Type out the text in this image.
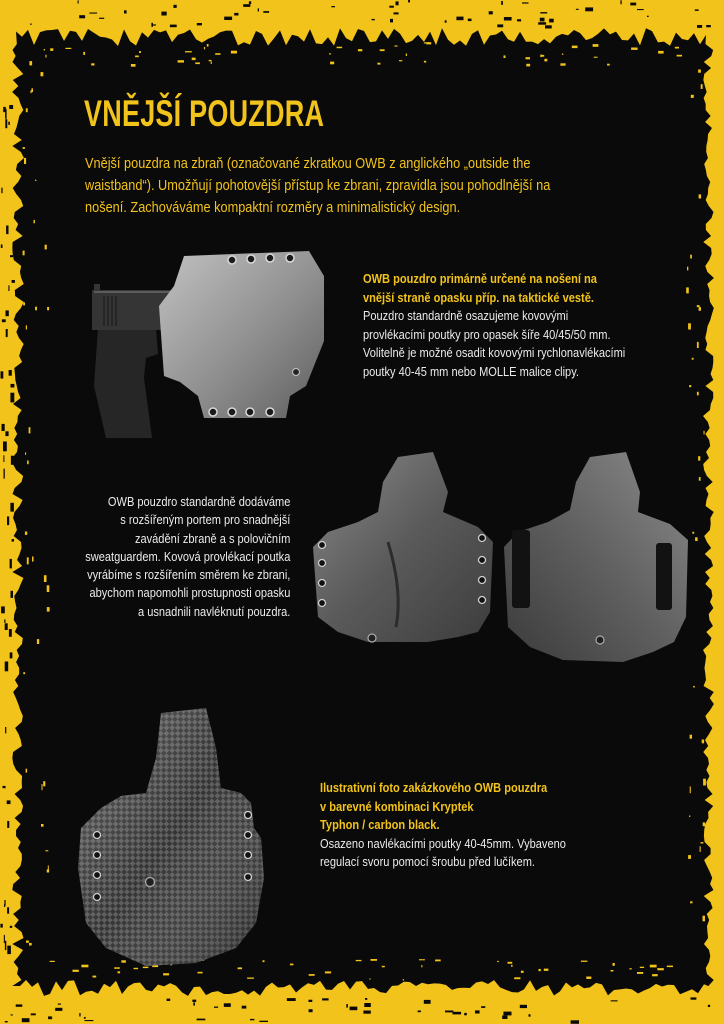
VNĚJŠÍ POUZDRA
Vnější pouzdra na zbraň (označované zkratkou OWB z anglického „outside the
waistband“). Umožňují pohotovější přístup ke zbrani, zpravidla jsou pohodlnější na
nošení. Zachováváme kompaktní rozměry a minimalistický design.
OWB pouzdro primárně určené na nošení na
vnější straně opasku příp. na taktické vestě.
Pouzdro standardně osazujeme kovovými
provlékacími poutky pro opasek šíře 40/45/50 mm.
Volitelně je možné osadit kovovými rychlonavlékacími
poutky 40-45 mm nebo MOLLE malice clipy.
OWB pouzdro standardně dodáváme
s rozšířeným portem pro snadnější
zavádění zbraně a s polovičním
sweatguardem. Kovová provlékací poutka
vyrábíme s rozšířením směrem ke zbrani,
abychom napomohli prostupnosti opasku
a usnadnili navléknutí pouzdra.
Ilustrativní foto zakázkového OWB pouzdra
v barevné kombinaci Kryptek
Typhon / carbon black.
Osazeno navlékacími poutky 40-45mm. Vybaveno
regulací svoru pomocí šroubu před lučíkem.
